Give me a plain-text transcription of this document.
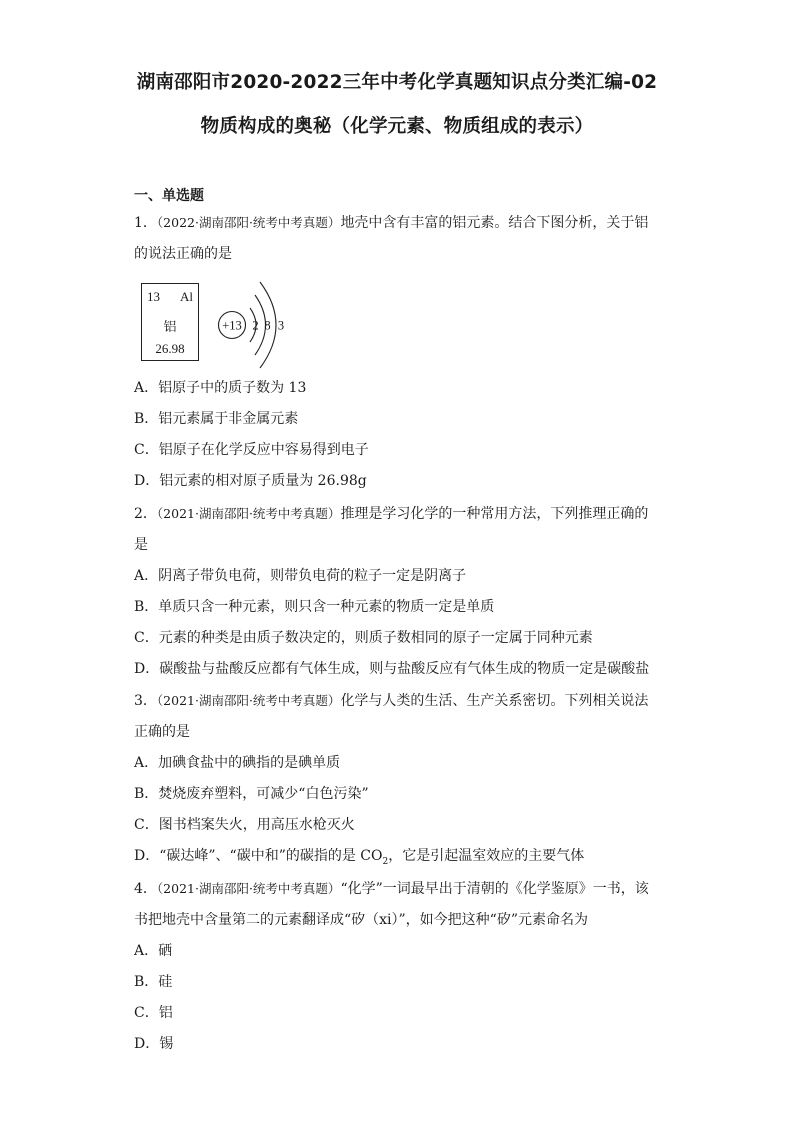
湖南邵阳市2020-2022三年中考化学真题知识点分类汇编-02
物质构成的奥秘（化学元素、物质组成的表示）
一、单选题
1．（2022·湖南邵阳·统考中考真题）地壳中含有丰富的铝元素。结合下图分析，关于铝
的说法正确的是
13 Al
铝
26.98
+13 2 8 3
A．铝原子中的质子数为 13
B．铝元素属于非金属元素
C．铝原子在化学反应中容易得到电子
D．铝元素的相对原子质量为 26.98g
2．（2021·湖南邵阳·统考中考真题）推理是学习化学的一种常用方法，下列推理正确的
是
A．阴离子带负电荷，则带负电荷的粒子一定是阴离子
B．单质只含一种元素，则只含一种元素的物质一定是单质
C．元素的种类是由质子数决定的，则质子数相同的原子一定属于同种元素
D．碳酸盐与盐酸反应都有气体生成，则与盐酸反应有气体生成的物质一定是碳酸盐
3．（2021·湖南邵阳·统考中考真题）化学与人类的生活、生产关系密切。下列相关说法
正确的是
A．加碘食盐中的碘指的是碘单质
B．焚烧废弃塑料，可减少“白色污染”
C．图书档案失火，用高压水枪灭火
D．“碳达峰”、“碳中和”的碳指的是 $CO_2$，它是引起温室效应的主要气体
4．（2021·湖南邵阳·统考中考真题）“化学”一词最早出于清朝的《化学鉴原》一书，该
书把地壳中含量第二的元素翻译成“矽（xi）”，如今把这种“矽”元素命名为
A．硒
B．硅
C．铝
D．锡
